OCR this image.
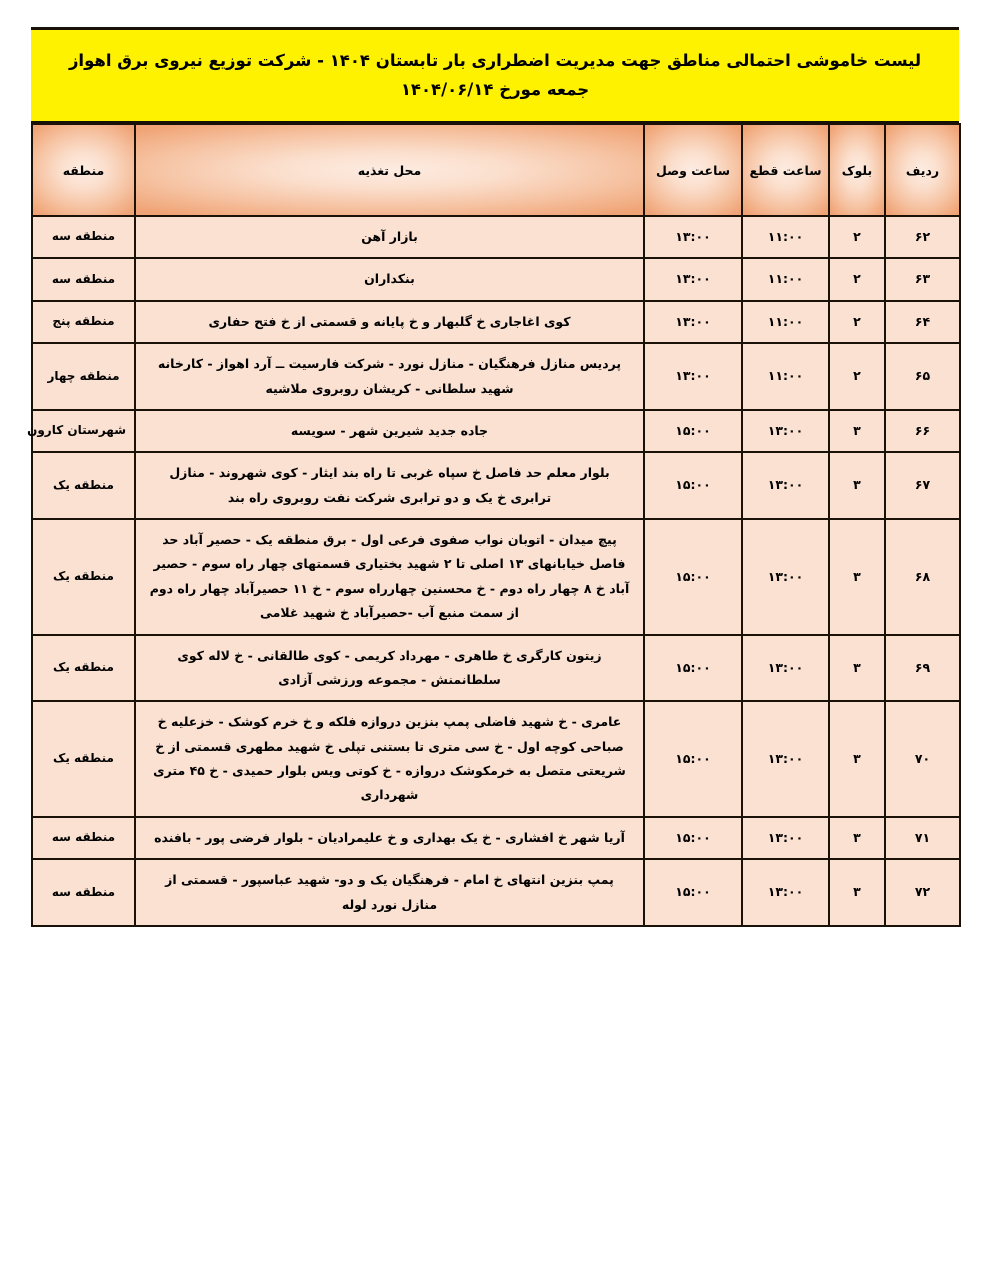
لیست خاموشی احتمالی مناطق جهت مدیریت اضطراری بار تابستان ۱۴۰۴ - شرکت توزیع نیروی برق اهواز
جمعه مورخ ۱۴۰۴/۰۶/۱۴
ردیف	بلوک	ساعت قطع	ساعت وصل	محل تغذیه	منطقه
۶۲	۲	۱۱:۰۰	۱۳:۰۰	بازار آهن	منطقه سه
۶۳	۲	۱۱:۰۰	۱۳:۰۰	بنکداران	منطقه سه
۶۴	۲	۱۱:۰۰	۱۳:۰۰	کوی اغاجاری خ گلبهار و خ پایانه و قسمتی از خ فتح حفاری	منطقه پنج
۶۵	۲	۱۱:۰۰	۱۳:۰۰	پردیس منازل فرهنگیان - منازل نورد - شرکت فارسیت ــ آرد اهواز - کارخانه شهید سلطانی - کریشان روبروی ملاشیه	منطقه چهار
۶۶	۳	۱۳:۰۰	۱۵:۰۰	جاده جدید شیرین شهر - سویسه	شهرستان کارون
۶۷	۳	۱۳:۰۰	۱۵:۰۰	بلوار معلم حد فاصل خ سپاه غربی تا راه بند ایثار - کوی شهروند - منازل ترابری خ یک و دو ترابری شرکت نفت روبروی راه بند	منطقه یک
۶۸	۳	۱۳:۰۰	۱۵:۰۰	پیچ میدان - اتوبان نواب صفوی فرعی اول - برق منطقه یک - حصیر آباد حد فاصل خیابانهای ۱۳ اصلی تا ۲ شهید بختیاری قسمتهای چهار راه سوم - حصیر آباد خ ۸ چهار راه دوم - خ محسنین چهارراه سوم - خ ۱۱ حصیرآباد چهار راه دوم از سمت منبع آب -حصیرآباد خ شهید غلامی	منطقه یک
۶۹	۳	۱۳:۰۰	۱۵:۰۰	زیتون کارگری خ طاهری - مهرداد کریمی - کوی طالقانی - خ لاله کوی سلطانمنش - مجموعه ورزشی آزادی	منطقه یک
۷۰	۳	۱۳:۰۰	۱۵:۰۰	عامری - خ شهید فاضلی پمپ بنزین دروازه فلکه و خ خرم کوشک - خزعلیه خ صباحی کوچه اول - خ سی متری تا بستنی تپلی خ شهید مطهری قسمتی از خ شریعتی متصل به خرمکوشک دروازه - خ کوتی ویس بلوار حمیدی - خ ۴۵ متری شهرداری	منطقه یک
۷۱	۳	۱۳:۰۰	۱۵:۰۰	آریا شهر خ افشاری - خ یک بهداری و خ علیمرادیان - بلوار فرضی پور - بافنده	منطقه سه
۷۲	۳	۱۳:۰۰	۱۵:۰۰	پمپ بنزین انتهای خ امام - فرهنگیان یک و دو- شهید عباسپور - قسمتی از منازل نورد لوله	منطقه سه
